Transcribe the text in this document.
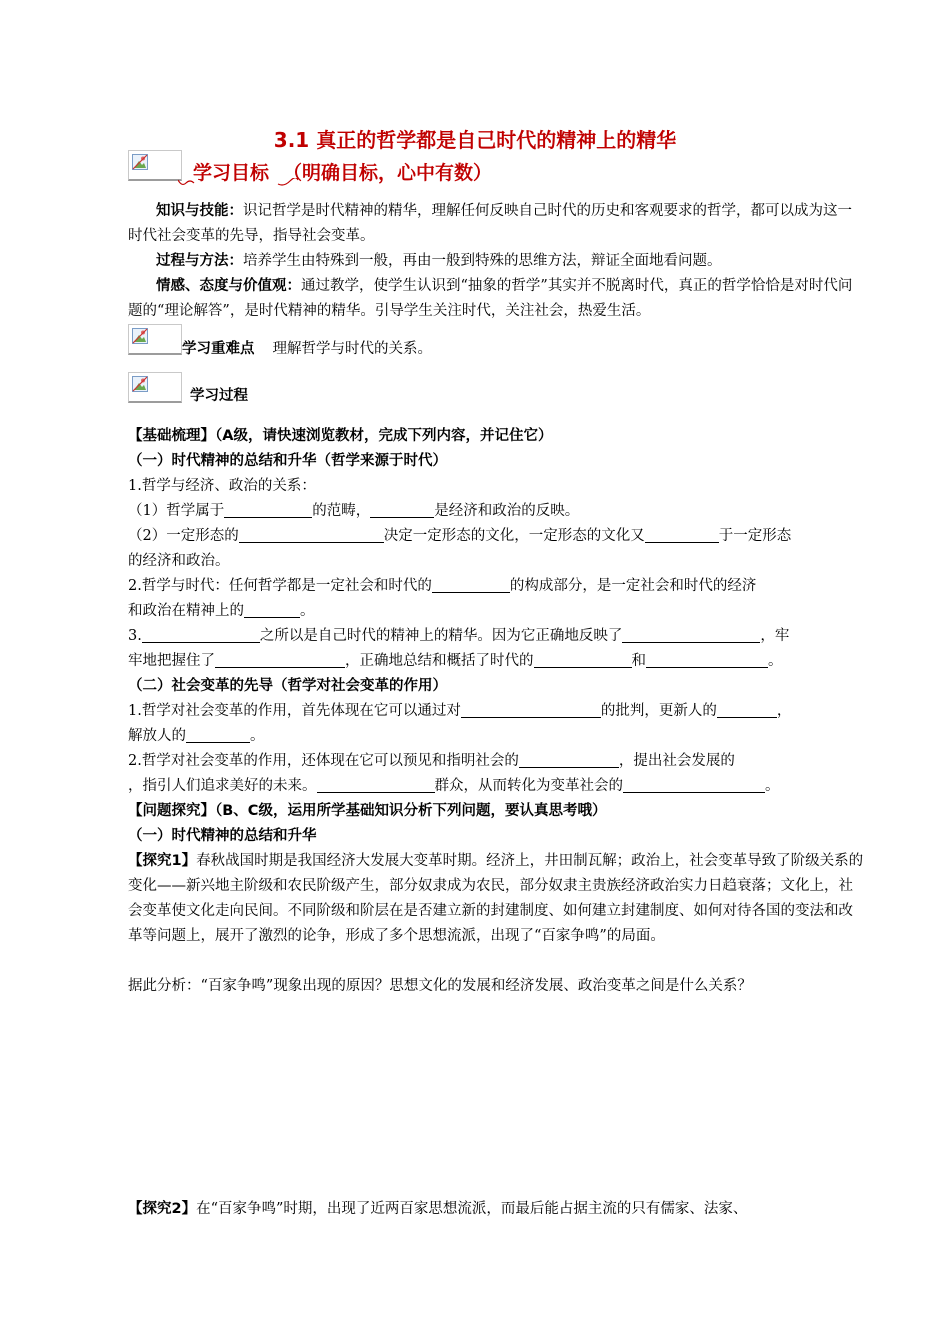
3.1 真正的哲学都是自己时代的精神上的精华
学习目标 （明确目标，心中有数）
知识与技能：识记哲学是时代精神的精华，理解任何反映自己时代的历史和客观要求的哲学，都可以成为这一时代社会变革的先导，指导社会变革。
过程与方法：培养学生由特殊到一般，再由一般到特殊的思维方法，辩证全面地看问题。
情感、态度与价值观：通过教学，使学生认识到“抽象的哲学”其实并不脱离时代，真正的哲学恰恰是对时代问题的“理论解答”，是时代精神的精华。引导学生关注时代，关注社会，热爱生活。
学习重难点 理解哲学与时代的关系。
学习过程
【基础梳理】（A级，请快速浏览教材，完成下列内容，并记住它）
（一）时代精神的总结和升华（哲学来源于时代）
1.哲学与经济、政治的关系：
（1）哲学属于	的范畴，	是经济和政治的反映。
（2）一定形态的	决定一定形态的文化，一定形态的文化又	于一定形态
的经济和政治。
2.哲学与时代：任何哲学都是一定社会和时代的	的构成部分，是一定社会和时代的经济
和政治在精神上的	。
3.	之所以是自己时代的精神上的精华。因为它正确地反映了	，牢
牢地把握住了	，正确地总结和概括了时代的	和	。
（二）社会变革的先导（哲学对社会变革的作用）
1.哲学对社会变革的作用，首先体现在它可以通过对	的批判，更新人的	，
解放人的	。
2.哲学对社会变革的作用，还体现在它可以预见和指明社会的	，提出社会发展的
，指引人们追求美好的未来。	群众，从而转化为变革社会的	。
【问题探究】（B、C级，运用所学基础知识分析下列问题，要认真思考哦）
（一）时代精神的总结和升华
【探究1】春秋战国时期是我国经济大发展大变革时期。经济上，井田制瓦解；政治上，社会变革导致了阶级关系的变化——新兴地主阶级和农民阶级产生，部分奴隶成为农民，部分奴隶主贵族经济政治实力日趋衰落；文化上，社会变革使文化走向民间。不同阶级和阶层在是否建立新的封建制度、如何建立封建制度、如何对待各国的变法和改革等问题上，展开了激烈的论争，形成了多个思想流派，出现了“百家争鸣”的局面。
据此分析：“百家争鸣”现象出现的原因？思想文化的发展和经济发展、政治变革之间是什么关系？
【探究2】在“百家争鸣”时期，出现了近两百家思想流派，而最后能占据主流的只有儒家、法家、
